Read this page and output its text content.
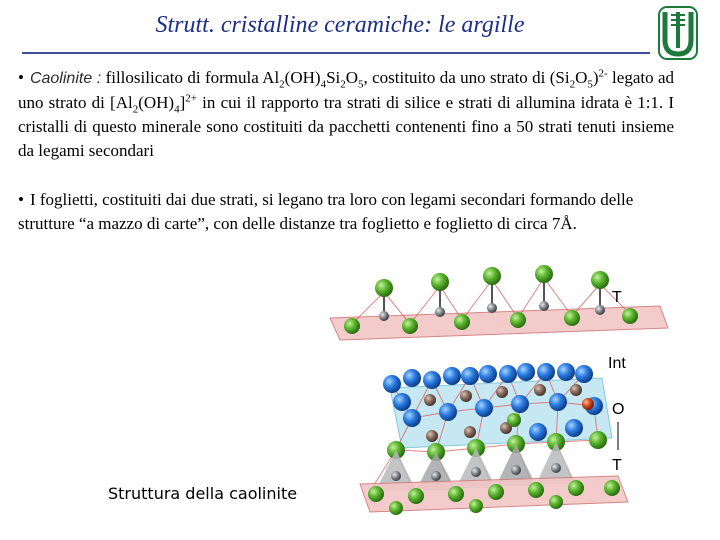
Strutt. cristalline ceramiche: le argille
• Caolinite : fillosilicato di formula $Al_2(OH)_4Si_2O_5$, costituito da uno strato di $(Si_2O_5)^{2-}$ legato ad uno strato di $[Al_2(OH)_4]^{2+}$ in cui il rapporto tra strati di silice e strati di allumina idrata è 1:1. I cristalli di questo minerale sono costituiti da pacchetti contenenti fino a 50 strati tenuti insieme da legami secondari
• I foglietti, costituiti dai due strati, si legano tra loro con legami secondari formando delle strutture “a mazzo di carte”, con delle distanze tra foglietto e foglietto di circa 7Å.
T
Int
O
T
Struttura della caolinite
